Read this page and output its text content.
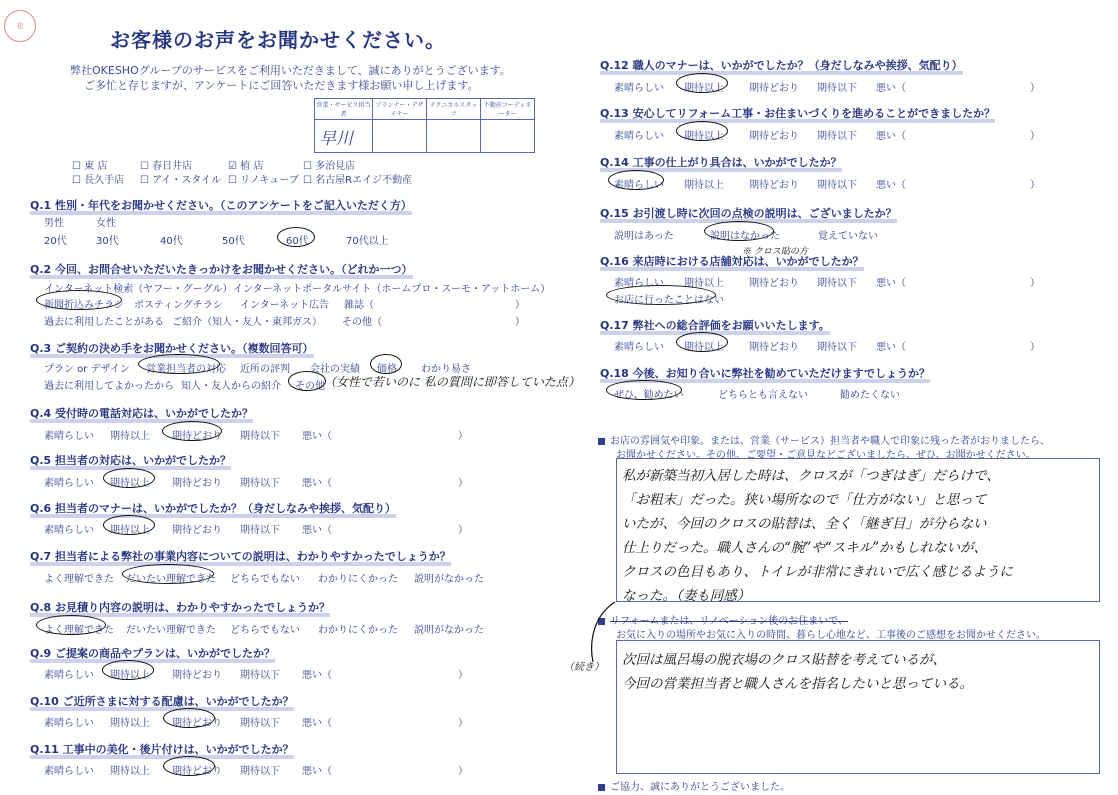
花
お客様のお声をお聞かせください。
弊社OKESHOグループのサービスをご利用いただきまして、誠にありがとうございます。
ご多忙と存じますが、アンケートにご回答いただきます様お願い申し上げます。
営業・サービス担当者	プランナー・デザイナー	テクニカルスタッフ	不動産コーディネーター
早川			
☐ 東 店	☐ 春日井店	☑ 植 店	☐ 多治見店
☐ 長久手店 ☐ アイ・スタイル ☐ リノキューブ ☐ 名古屋Rエイジ不動産
Q.1 性別・年代をお聞かせください。（このアンケートをご記入いただく方）
男性	女性
20代	30代	40代	50代	60代	70代以上
Q.2 今回、お問合せいただいたきっかけをお聞かせください。（どれか一つ）
インターネット検索（ヤフー・グーグル） インターネットポータルサイト（ホームプロ・スーモ・アットホーム）
新聞折込みチラシ ポスティングチラシ インターネット広告 雑誌（	）
過去に利用したことがある ご紹介（知人・友人・東邦ガス） その他（	）
Q.3 ご契約の決め手をお聞かせください。（複数回答可）
プラン or デザイン 営業担当者の対応 近所の評判 会社の実績 価格 わかり易さ
過去に利用してよかったから 知人・友人からの紹介 その他 （女性で若いのに 私の質問に即答していた点）
Q.4 受付時の電話対応は、いかがでしたか？
素晴らしい 期待以上 期待どおり 期待以下 悪い（	）
Q.5 担当者の対応は、いかがでしたか？
素晴らしい 期待以上 期待どおり 期待以下 悪い（	）
Q.6 担当者のマナーは、いかがでしたか？（身だしなみや挨拶、気配り）
素晴らしい 期待以上 期待どおり 期待以下 悪い（	）
Q.7 担当者による弊社の事業内容についての説明は、わかりやすかったでしょうか？
よく理解できた だいたい理解できた どちらでもない わかりにくかった 説明がなかった
Q.8 お見積り内容の説明は、わかりやすかったでしょうか？
よく理解できた だいたい理解できた どちらでもない わかりにくかった 説明がなかった
Q.9 ご提案の商品やプランは、いかがでしたか？
素晴らしい 期待以上 期待どおり 期待以下 悪い（	）
Q.10 ご近所さまに対する配慮は、いかがでしたか？
素晴らしい 期待以上 期待どおり 期待以下 悪い（	）
Q.11 工事中の美化・後片付けは、いかがでしたか？
素晴らしい 期待以上 期待どおり 期待以下 悪い（	）
Q.12 職人のマナーは、いかがでしたか？（身だしなみや挨拶、気配り）
素晴らしい 期待以上	期待どおり 期待以下 悪い（	）
Q.13 安心してリフォーム工事・お住まいづくりを進めることができましたか？
素晴らしい 期待以上	期待どおり 期待以下 悪い（	）
Q.14 工事の仕上がり具合は、いかがでしたか？
素晴らしい 期待以上	期待どおり 期待以下 悪い（	）
Q.15 お引渡し時に次回の点検の説明は、ございましたか？
説明はあった	説明はなかった	覚えていない
Q.16 来店時における店舗対応は、いかがでしたか？
素晴らしい 期待以上	期待どおり 期待以下 悪い（	）
お店に行ったことはない
Q.17 弊社への総合評価をお願いいたします。
素晴らしい 期待以上	期待どおり 期待以下 悪い（	）
Q.18 今後、お知り合いに弊社を勧めていただけますでしょうか？
ぜひ、勧めたい	どちらとも言えない	勧めたくない
※ クロス貼の方
お店の雰囲気や印象。または、営業（サービス）担当者や職人で印象に残った者がおりましたら、
お聞かせください。その他、ご要望・ご意見などございましたら、ぜひ、お聞かせください。
私が新築当初入居した時は、クロスが「つぎはぎ」だらけで、
「お粗末」だった。狭い場所なので「仕方がない」と思って
いたが、今回のクロスの貼替は、全く「継ぎ目」が分らない
仕上りだった。職人さんの“腕”や“スキル”かもしれないが、
クロスの色目もあり、トイレが非常にきれいで広く感じるように
なった。（妻も同感）
リフォームまたは、リノベーション後のお住まいで、
お気に入りの場所やお気に入りの時間、暮らし心地など、工事後のご感想をお聞かせください。
次回は風呂場の脱衣場のクロス貼替を考えているが、
今回の営業担当者と職人さんを指名したいと思っている。
（続き）
ご協力、誠にありがとうございました。
